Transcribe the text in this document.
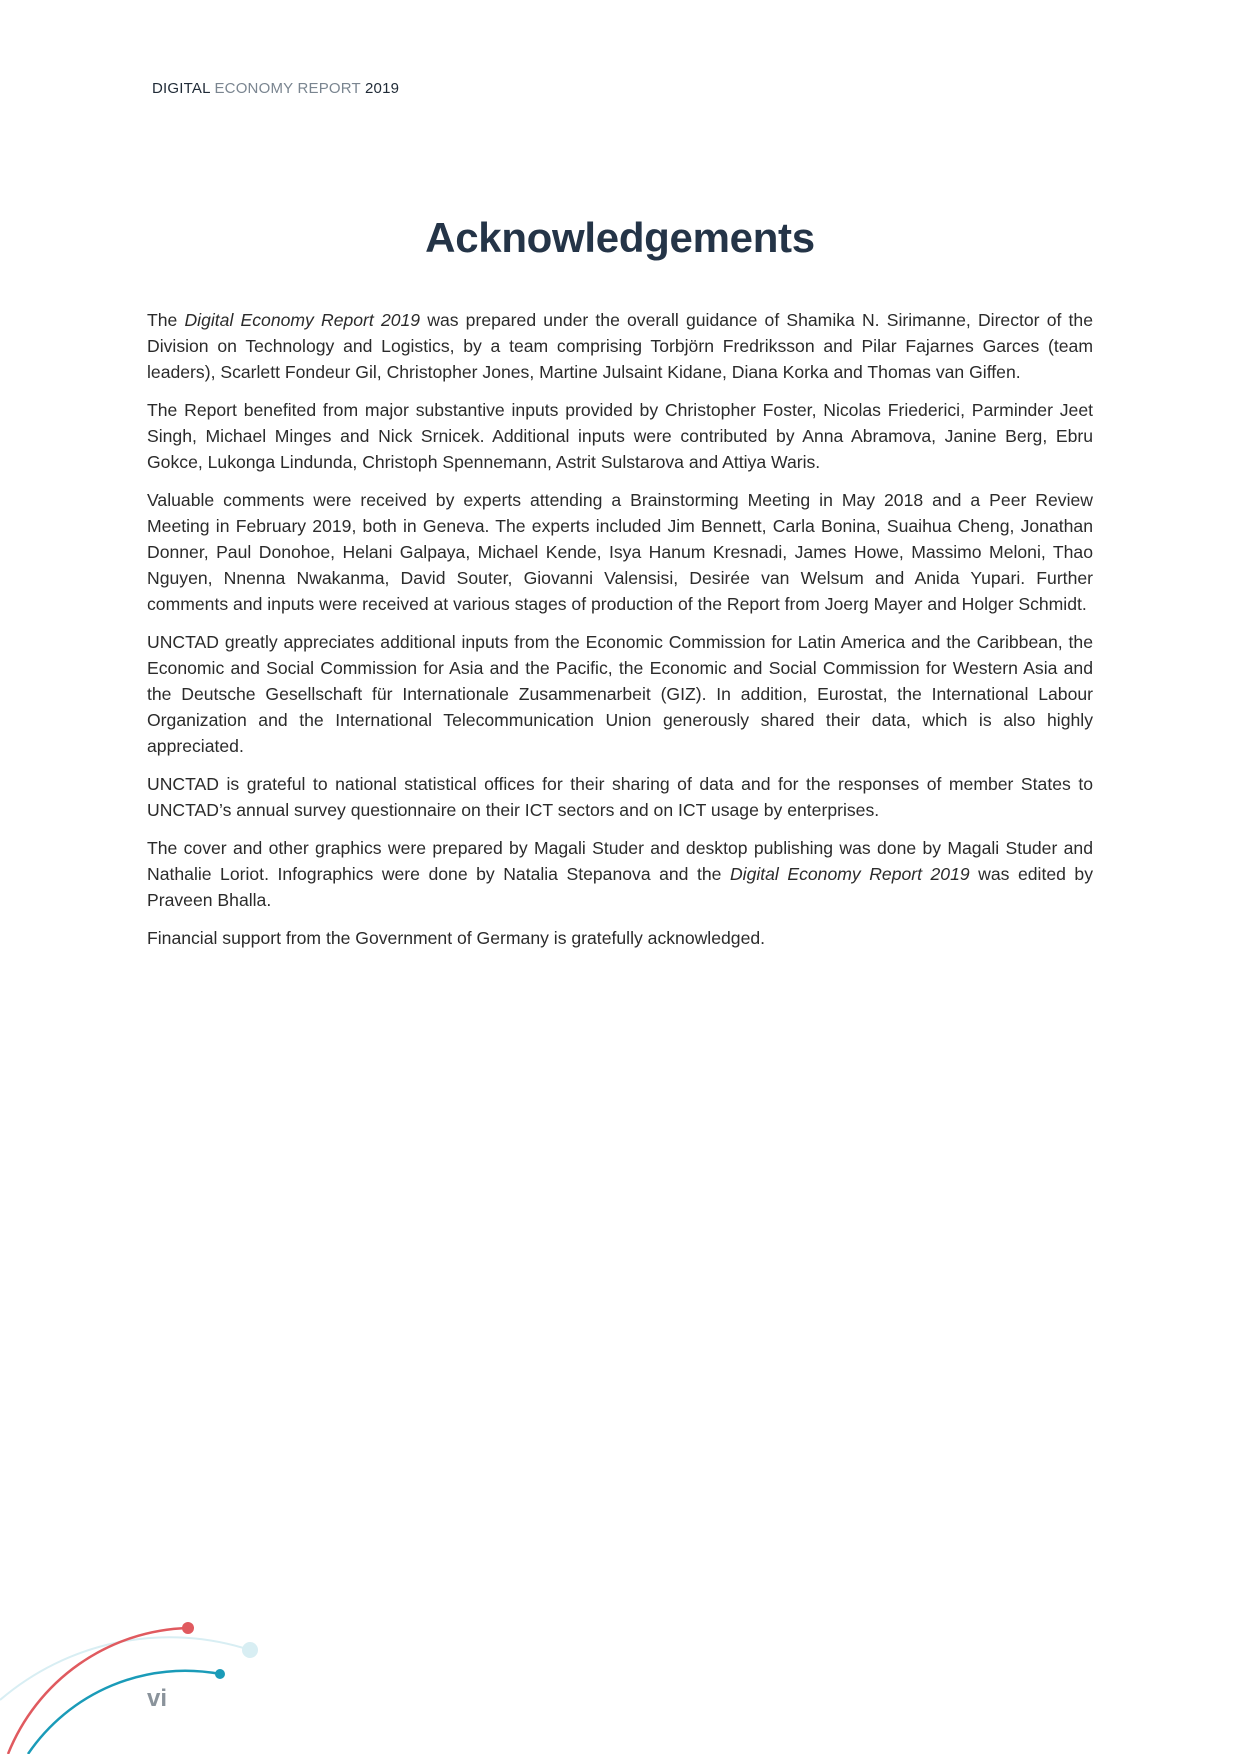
DIGITAL ECONOMY REPORT 2019
Acknowledgements

The Digital Economy Report 2019 was prepared under the overall guidance of Shamika N. Sirimanne, Director of the Division on Technology and Logistics, by a team comprising Torbjörn Fredriksson and Pilar Fajarnes Garces (team leaders), Scarlett Fondeur Gil, Christopher Jones, Martine Julsaint Kidane, Diana Korka and Thomas van Giffen.

The Report benefited from major substantive inputs provided by Christopher Foster, Nicolas Friederici, Parminder Jeet Singh, Michael Minges and Nick Srnicek. Additional inputs were contributed by Anna Abramova, Janine Berg, Ebru Gokce, Lukonga Lindunda, Christoph Spennemann, Astrit Sulstarova and Attiya Waris.

Valuable comments were received by experts attending a Brainstorming Meeting in May 2018 and a Peer Review Meeting in February 2019, both in Geneva. The experts included Jim Bennett, Carla Bonina, Suaihua Cheng, Jonathan Donner, Paul Donohoe, Helani Galpaya, Michael Kende, Isya Hanum Kresnadi, James Howe, Massimo Meloni, Thao Nguyen, Nnenna Nwakanma, David Souter, Giovanni Valensisi, Desirée van Welsum and Anida Yupari. Further comments and inputs were received at various stages of production of the Report from Joerg Mayer and Holger Schmidt.

UNCTAD greatly appreciates additional inputs from the Economic Commission for Latin America and the Caribbean, the Economic and Social Commission for Asia and the Pacific, the Economic and Social Commission for Western Asia and the Deutsche Gesellschaft für Internationale Zusammenarbeit (GIZ). In addition, Eurostat, the International Labour Organization and the International Telecommunication Union generously shared their data, which is also highly appreciated.

UNCTAD is grateful to national statistical offices for their sharing of data and for the responses of member States to UNCTAD’s annual survey questionnaire on their ICT sectors and on ICT usage by enterprises.

The cover and other graphics were prepared by Magali Studer and desktop publishing was done by Magali Studer and Nathalie Loriot. Infographics were done by Natalia Stepanova and the Digital Economy Report 2019 was edited by Praveen Bhalla.

Financial support from the Government of Germany is gratefully acknowledged.

vi
